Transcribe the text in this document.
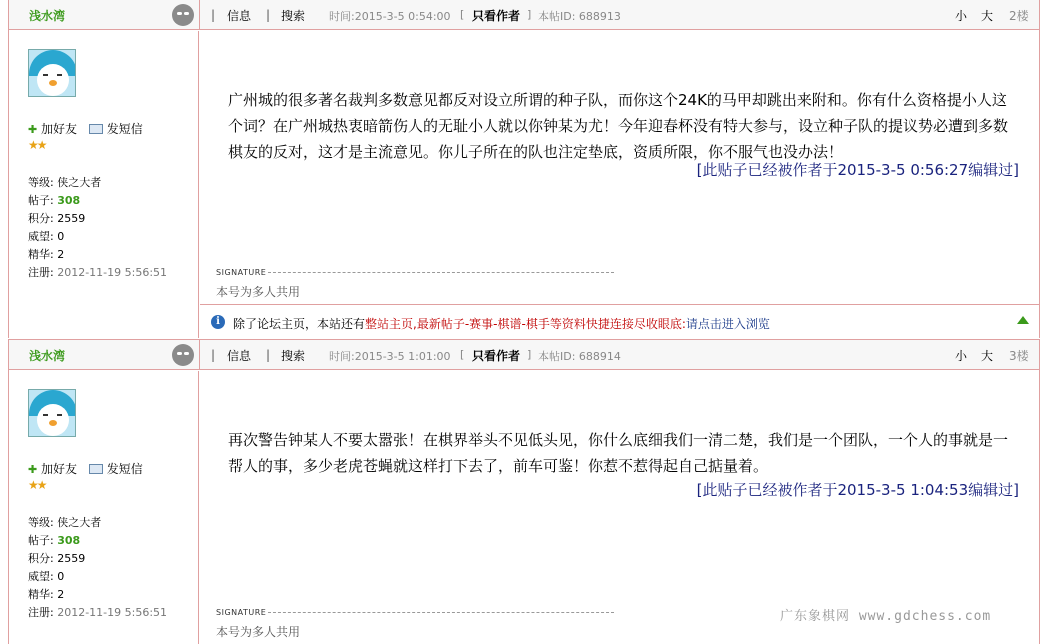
浅水湾	| 信息 | 搜索 时间:2015-3-5 0:54:00 [ 只看作者 ] 本帖ID: 688913	小 大 2楼
✚ 加好友 发短信
★★
等级: 侠之大者
帖子: 308
积分: 2559
威望: 0
精华: 2
注册: 2012-11-19 5:56:51
广州城的很多著名裁判多数意见都反对设立所谓的种子队，而你这个24K的马甲却跳出来附和。你有什么资格提小人这个词？在广州城热衷暗箭伤人的无耻小人就以你钟某为尤！今年迎春杯没有特大参与，设立种子队的提议势必遭到多数棋友的反对，这才是主流意见。你儿子所在的队也注定垫底，资质所限，你不服气也没办法！
SIGNATURE
本号为多人共用
[此贴子已经被作者于2015-3-5 0:56:27编辑过]
i	除了论坛主页，本站还有整站主页,最新帖子-赛事-棋谱-棋手等资料快捷连接尽收眼底:请点击进入浏览
浅水湾	| 信息 | 搜索 时间:2015-3-5 1:01:00 [ 只看作者 ] 本帖ID: 688914	小 大 3楼
✚ 加好友 发短信
★★
等级: 侠之大者
帖子: 308
积分: 2559
威望: 0
精华: 2
注册: 2012-11-19 5:56:51
再次警告钟某人不要太嚣张！在棋界举头不见低头见，你什么底细我们一清二楚，我们是一个团队，一个人的事就是一帮人的事，多少老虎苍蝇就这样打下去了，前车可鉴！你惹不惹得起自己掂量着。
SIGNATURE
本号为多人共用
[此贴子已经被作者于2015-3-5 1:04:53编辑过]
广东象棋网 www.gdchess.com
